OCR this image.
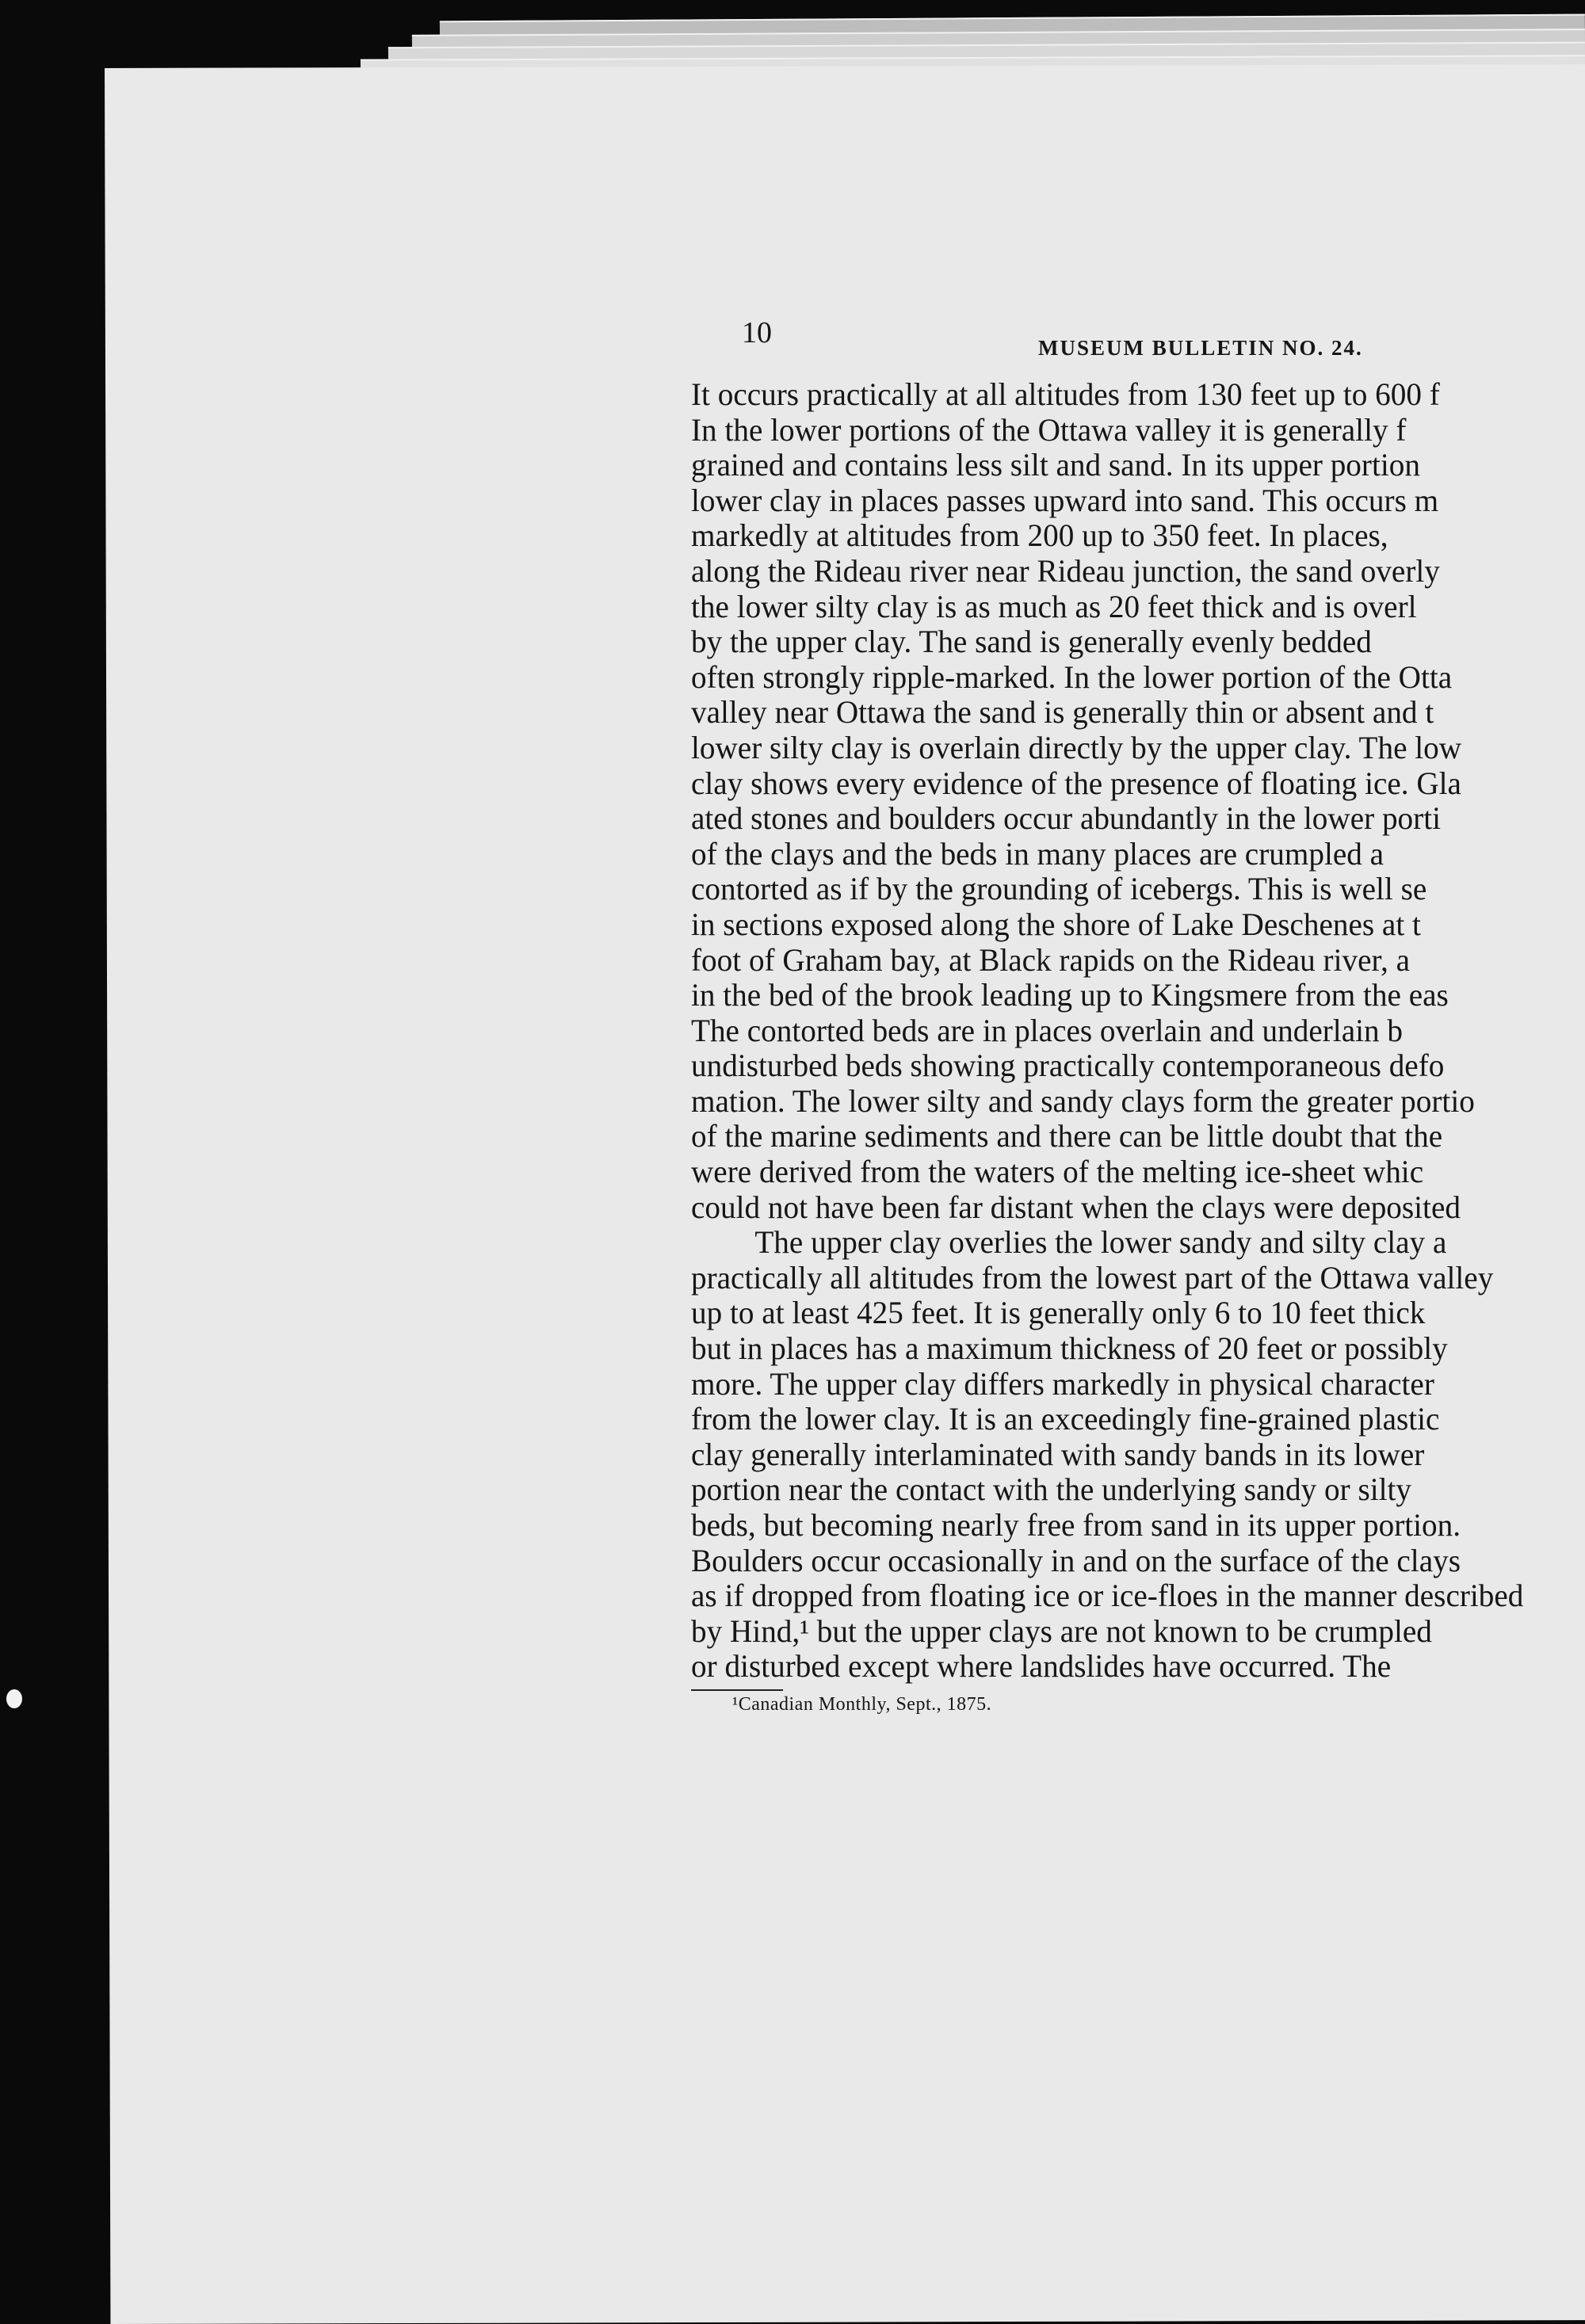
10	MUSEUM BULLETIN NO. 24.
It occurs practically at all altitudes from 130 feet up to 600 f
In the lower portions of the Ottawa valley it is generally f
grained and contains less silt and sand. In its upper portion
lower clay in places passes upward into sand. This occurs m
markedly at altitudes from 200 up to 350 feet. In places,
along the Rideau river near Rideau junction, the sand overly
the lower silty clay is as much as 20 feet thick and is overl
by the upper clay. The sand is generally evenly bedded
often strongly ripple-marked. In the lower portion of the Otta
valley near Ottawa the sand is generally thin or absent and t
lower silty clay is overlain directly by the upper clay. The low
clay shows every evidence of the presence of floating ice. Gla
ated stones and boulders occur abundantly in the lower porti
of the clays and the beds in many places are crumpled a
contorted as if by the grounding of icebergs. This is well se
in sections exposed along the shore of Lake Deschenes at t
foot of Graham bay, at Black rapids on the Rideau river, a
in the bed of the brook leading up to Kingsmere from the eas
The contorted beds are in places overlain and underlain b
undisturbed beds showing practically contemporaneous defo
mation. The lower silty and sandy clays form the greater portio
of the marine sediments and there can be little doubt that the
were derived from the waters of the melting ice-sheet whic
could not have been far distant when the clays were deposited
The upper clay overlies the lower sandy and silty clay a
practically all altitudes from the lowest part of the Ottawa valley
up to at least 425 feet. It is generally only 6 to 10 feet thick
but in places has a maximum thickness of 20 feet or possibly
more. The upper clay differs markedly in physical character
from the lower clay. It is an exceedingly fine-grained plastic
clay generally interlaminated with sandy bands in its lower
portion near the contact with the underlying sandy or silty
beds, but becoming nearly free from sand in its upper portion.
Boulders occur occasionally in and on the surface of the clays
as if dropped from floating ice or ice-floes in the manner described
by Hind,¹ but the upper clays are not known to be crumpled
or disturbed except where landslides have occurred. The
¹Canadian Monthly, Sept., 1875.
